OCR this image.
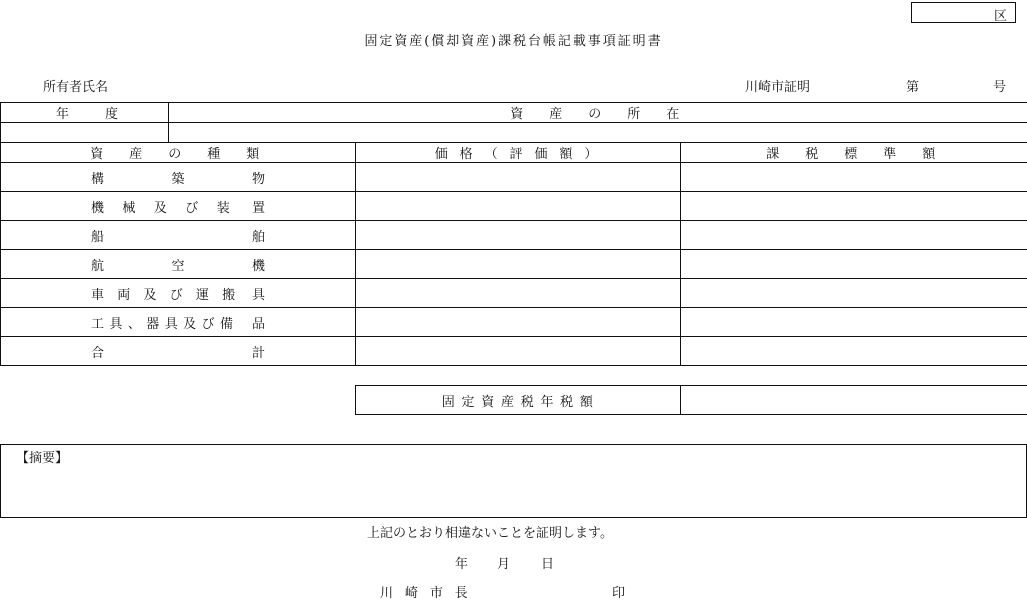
区
固定資産(償却資産)課税台帳記載事項証明書
所有者氏名	川崎市証明	第	号
年 度	資　産　の　所　在		

資　産　の　種　類		価 格 （ 評 価 額 ）	課　税　標　準　額

構 築 物			

機 械 及 び 装 置			

船 舶			

航 空 機			

車 両 及 び 運 搬 具			

工 具 、 器 具 及 び 備 品			

合 計			

固 定 資 産 税 年 税 額	
【摘要】
上記のとおり相違ないことを証明します。
年 月 日
川 崎 市 長	印
